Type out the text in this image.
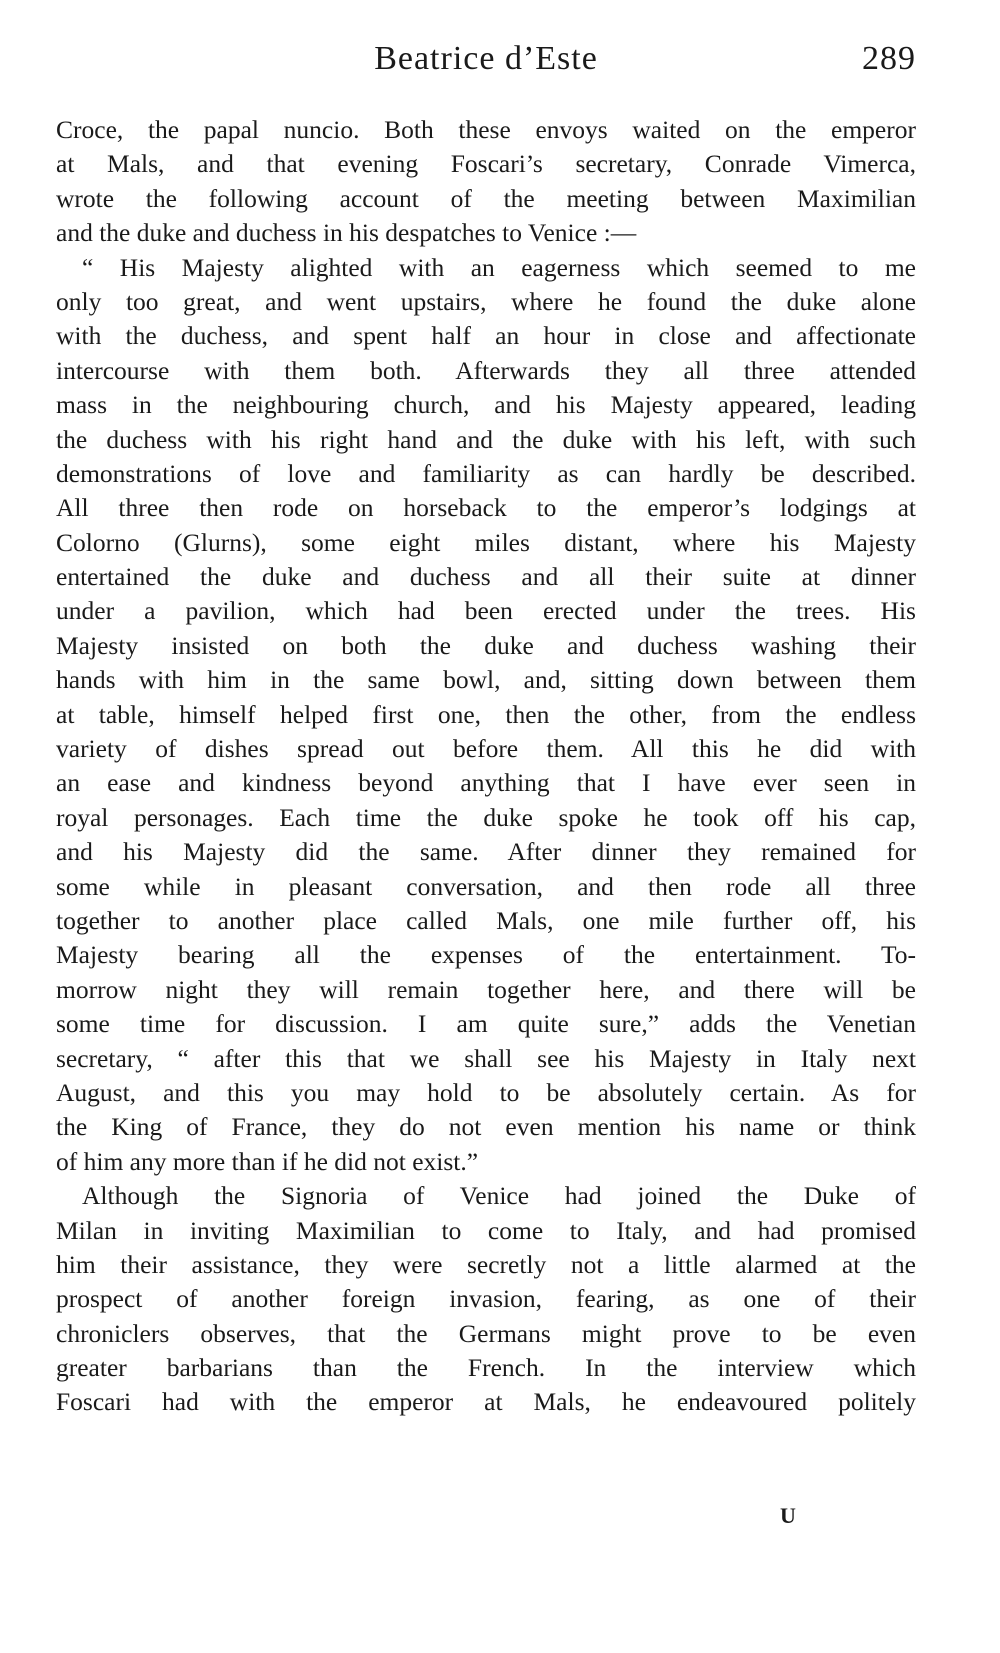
Beatrice d’Este	289
Croce, the papal nuncio. Both these envoys waited on the emperor
at Mals, and that evening Foscari’s secretary, Conrade Vimerca,
wrote the following account of the meeting between Maximilian
and the duke and duchess in his despatches to Venice :—
“ His Majesty alighted with an eagerness which seemed to me
only too great, and went upstairs, where he found the duke alone
with the duchess, and spent half an hour in close and affectionate
intercourse with them both. Afterwards they all three attended
mass in the neighbouring church, and his Majesty appeared, leading
the duchess with his right hand and the duke with his left, with such
demonstrations of love and familiarity as can hardly be described.
All three then rode on horseback to the emperor’s lodgings at
Colorno (Glurns), some eight miles distant, where his Majesty
entertained the duke and duchess and all their suite at dinner
under a pavilion, which had been erected under the trees. His
Majesty insisted on both the duke and duchess washing their
hands with him in the same bowl, and, sitting down between them
at table, himself helped first one, then the other, from the endless
variety of dishes spread out before them. All this he did with
an ease and kindness beyond anything that I have ever seen in
royal personages. Each time the duke spoke he took off his cap,
and his Majesty did the same. After dinner they remained for
some while in pleasant conversation, and then rode all three
together to another place called Mals, one mile further off, his
Majesty bearing all the expenses of the entertainment. To-
morrow night they will remain together here, and there will be
some time for discussion. I am quite sure,” adds the Venetian
secretary, “ after this that we shall see his Majesty in Italy next
August, and this you may hold to be absolutely certain. As for
the King of France, they do not even mention his name or think
of him any more than if he did not exist.”
Although the Signoria of Venice had joined the Duke of
Milan in inviting Maximilian to come to Italy, and had promised
him their assistance, they were secretly not a little alarmed at the
prospect of another foreign invasion, fearing, as one of their
chroniclers observes, that the Germans might prove to be even
greater barbarians than the French. In the interview which
Foscari had with the emperor at Mals, he endeavoured politely
U
